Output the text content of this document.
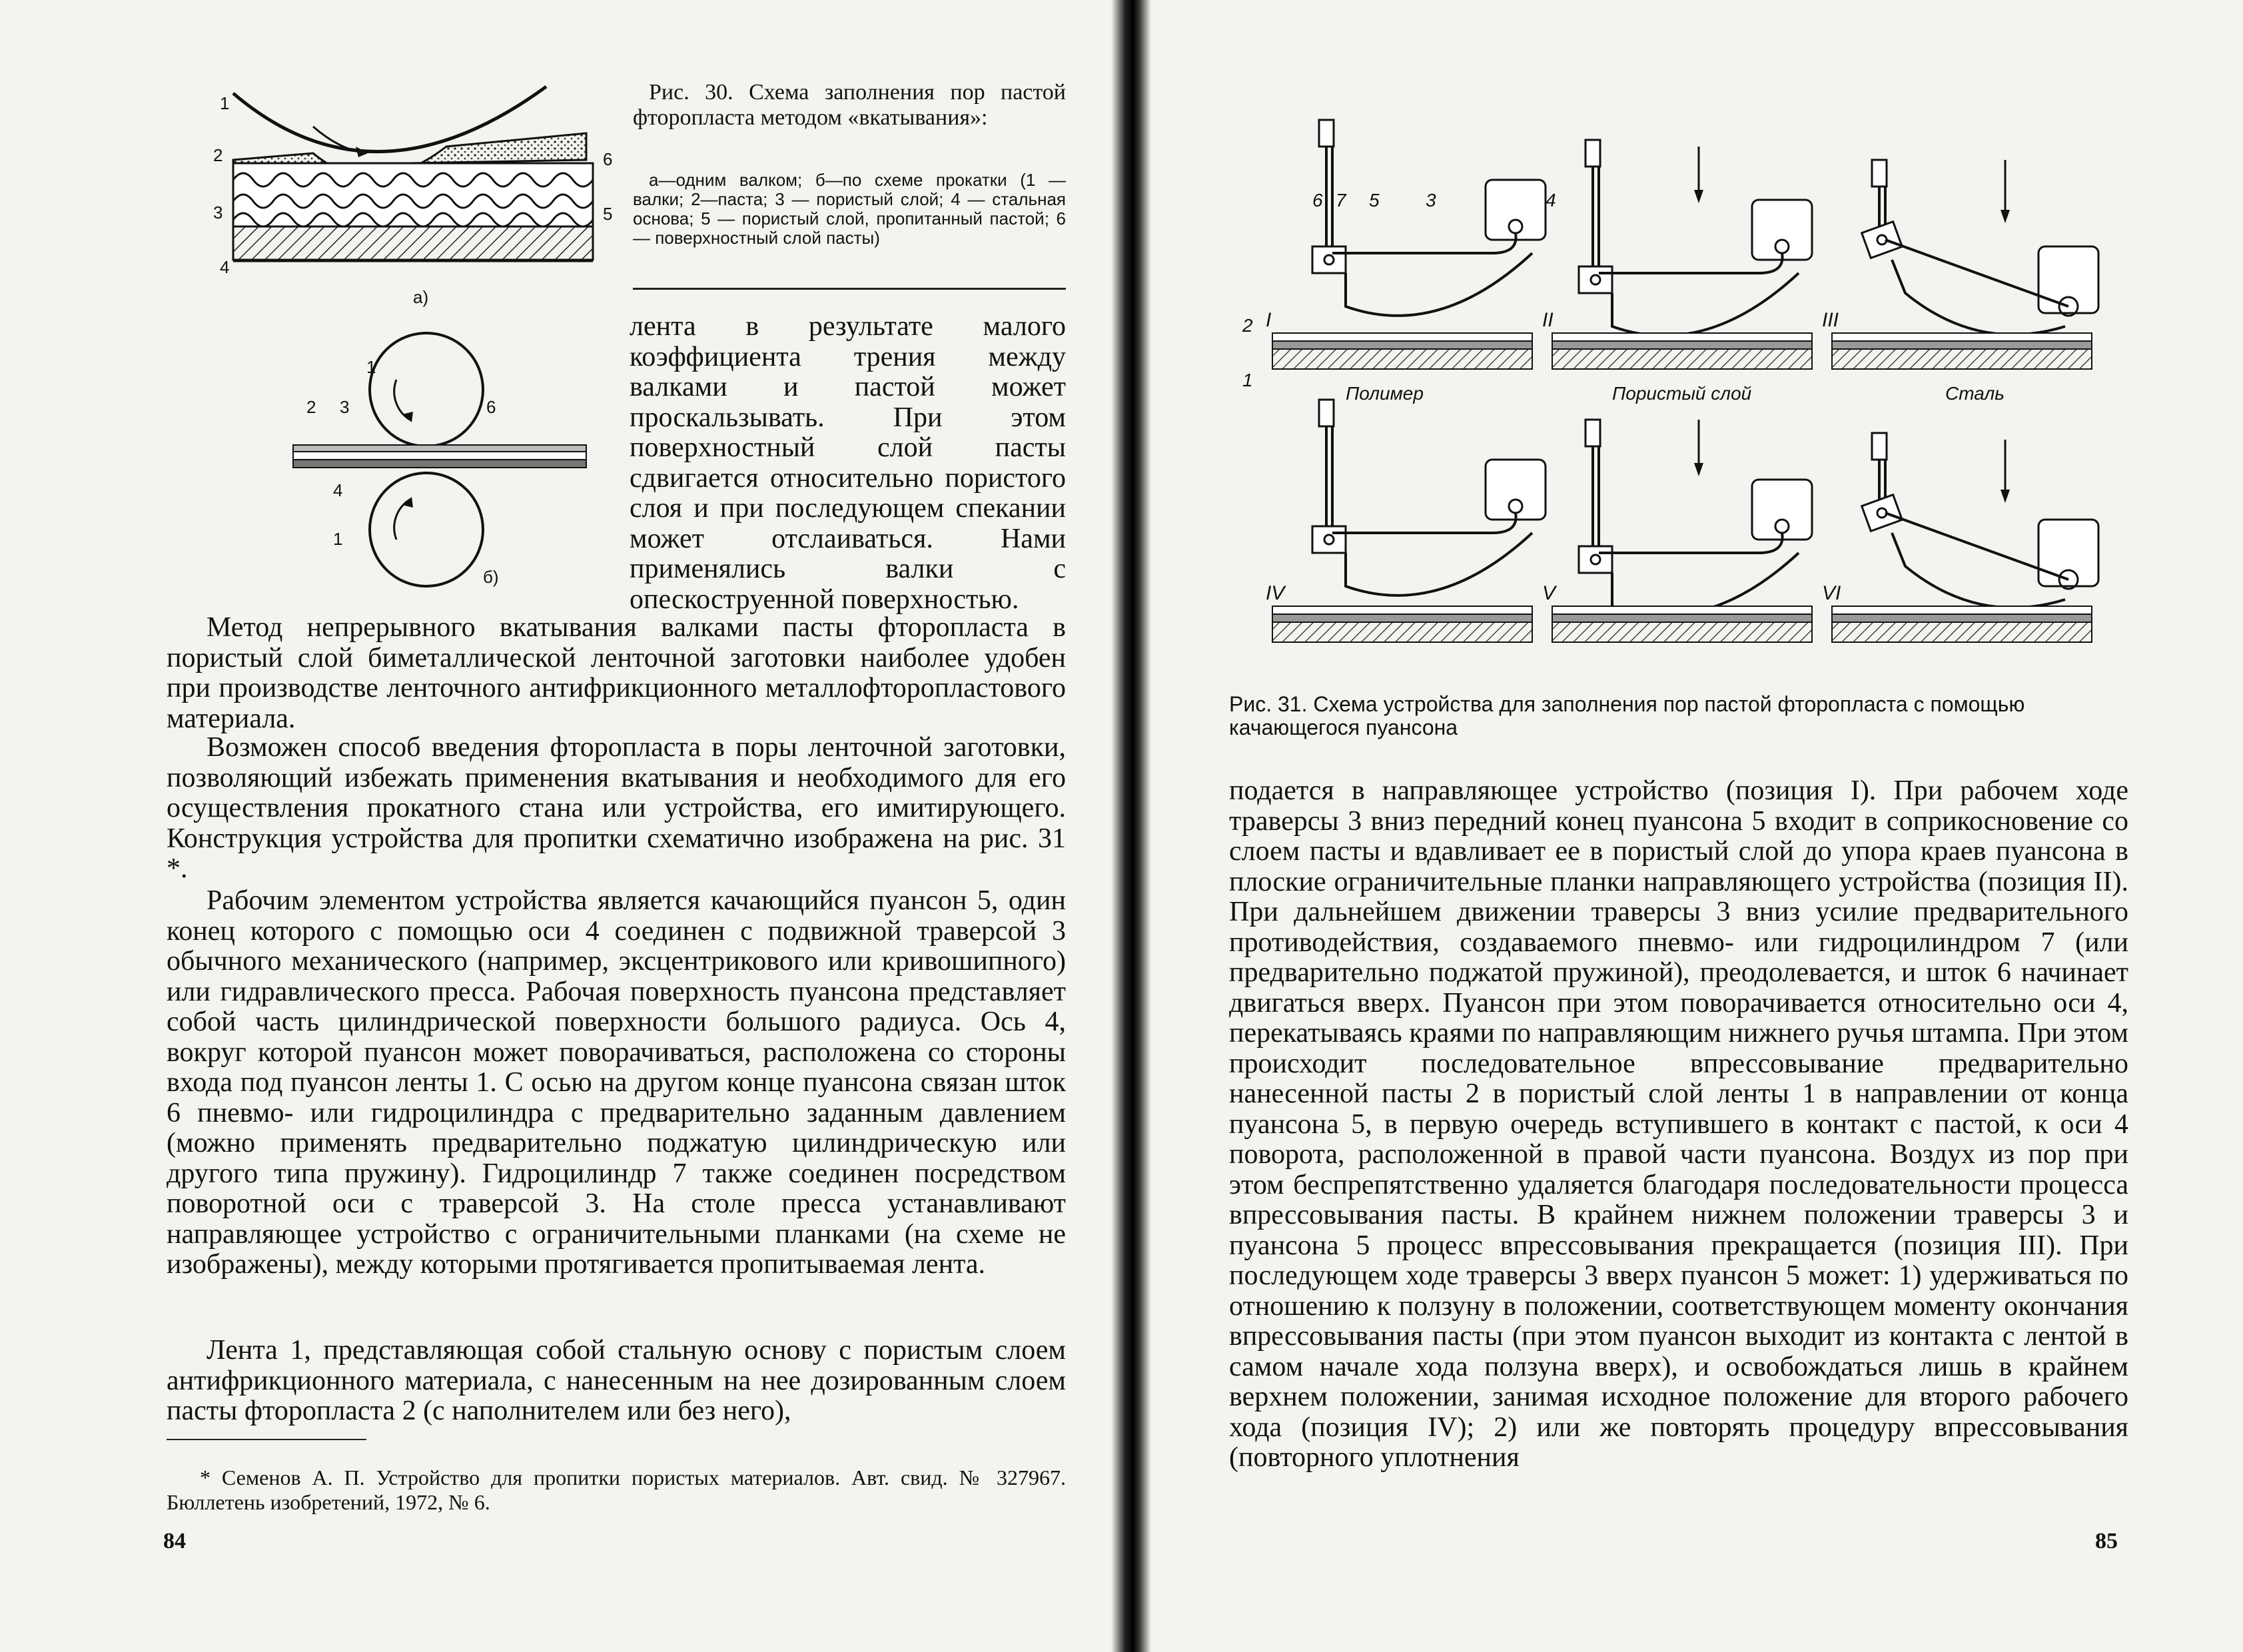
1
2
3
4
5
6
а)
1
2 3
4
6
1
б)

Рис. 30. Схема заполнения пор пастой фторопласта методом «вкатывания»:

а—одним валком; б—по схеме прокатки (1 — валки; 2—паста; 3 — пористый слой; 4 — стальная основа; 5 — пористый слой, пропитанный пастой; 6 — поверхностный слой пасты)

лента в результате малого коэффициента трения между валками и пастой может проскальзывать. При этом поверхностный слой пасты сдвигается относительно пористого слоя и при последующем спекании может отслаиваться. Нами применялись валки с опескоструенной поверхностью.

Метод непрерывного вкатывания валками пасты фторопласта в пористый слой биметаллической ленточной заготовки наиболее удобен при производстве ленточного антифрикционного металлофторопластового материала.

Возможен способ введения фторопласта в поры ленточной заготовки, позволяющий избежать применения вкатывания и необходимого для его осуществления прокатного стана или устройства, его имитирующего. Конструкция устройства для пропитки схематично изображена на рис. 31 *.

Рабочим элементом устройства является качающийся пуансон 5, один конец которого с помощью оси 4 соединен с подвижной траверсой 3 обычного механического (например, эксцентрикового или кривошипного) или гидравлического пресса. Рабочая поверхность пуансона представляет собой часть цилиндрической поверхности большого радиуса. Ось 4, вокруг которой пуансон может поворачиваться, расположена со стороны входа под пуансон ленты 1. С осью на другом конце пуансона связан шток 6 пневмо- или гидроцилиндра с предварительно заданным давлением (можно применять предварительно поджатую цилиндрическую или другого типа пружину). Гидроцилиндр 7 также соединен посредством поворотной оси с траверсой 3. На столе пресса устанавливают направляющее устройство с ограничительными планками (на схеме не изображены), между которыми протягивается пропитываемая лента.

Лента 1, представляющая собой стальную основу с пористым слоем антифрикционного материала, с нанесенным на нее дозированным слоем пасты фторопласта 2 (с наполнителем или без него),

* Семенов А. П. Устройство для пропитки пористых материалов. Авт. свид. № 327967. Бюллетень изобретений, 1972, № 6.

84
I	II	III
IV	V	VI
6 7 5 3	4
2
1
Полимер	Пористый слой	Сталь

Рис. 31. Схема устройства для заполнения пор пастой фторопласта с помощью качающегося пуансона

подается в направляющее устройство (позиция I). При рабочем ходе траверсы 3 вниз передний конец пуансона 5 входит в соприкосновение со слоем пасты и вдавливает ее в пористый слой до упора краев пуансона в плоские ограничительные планки направляющего устройства (позиция II). При дальнейшем движении траверсы 3 вниз усилие предварительного противодействия, создаваемого пневмо- или гидроцилиндром 7 (или предварительно поджатой пружиной), преодолевается, и шток 6 начинает двигаться вверх. Пуансон при этом поворачивается относительно оси 4, перекатываясь краями по направляющим нижнего ручья штампа. При этом происходит последовательное впрессовывание предварительно нанесенной пасты 2 в пористый слой ленты 1 в направлении от конца пуансона 5, в первую очередь вступившего в контакт с пастой, к оси 4 поворота, расположенной в правой части пуансона. Воздух из пор при этом беспрепятственно удаляется благодаря последовательности процесса впрессовывания пасты. В крайнем нижнем положении траверсы 3 и пуансона 5 процесс впрессовывания прекращается (позиция III). При последующем ходе траверсы 3 вверх пуансон 5 может: 1) удерживаться по отношению к ползуну в положении, соответствующем моменту окончания впрессовывания пасты (при этом пуансон выходит из контакта с лентой в самом начале хода ползуна вверх), и освобождаться лишь в крайнем верхнем положении, занимая исходное положение для второго рабочего хода (позиция IV); 2) или же повторять процедуру впрессовывания (повторного уплотнения

85
